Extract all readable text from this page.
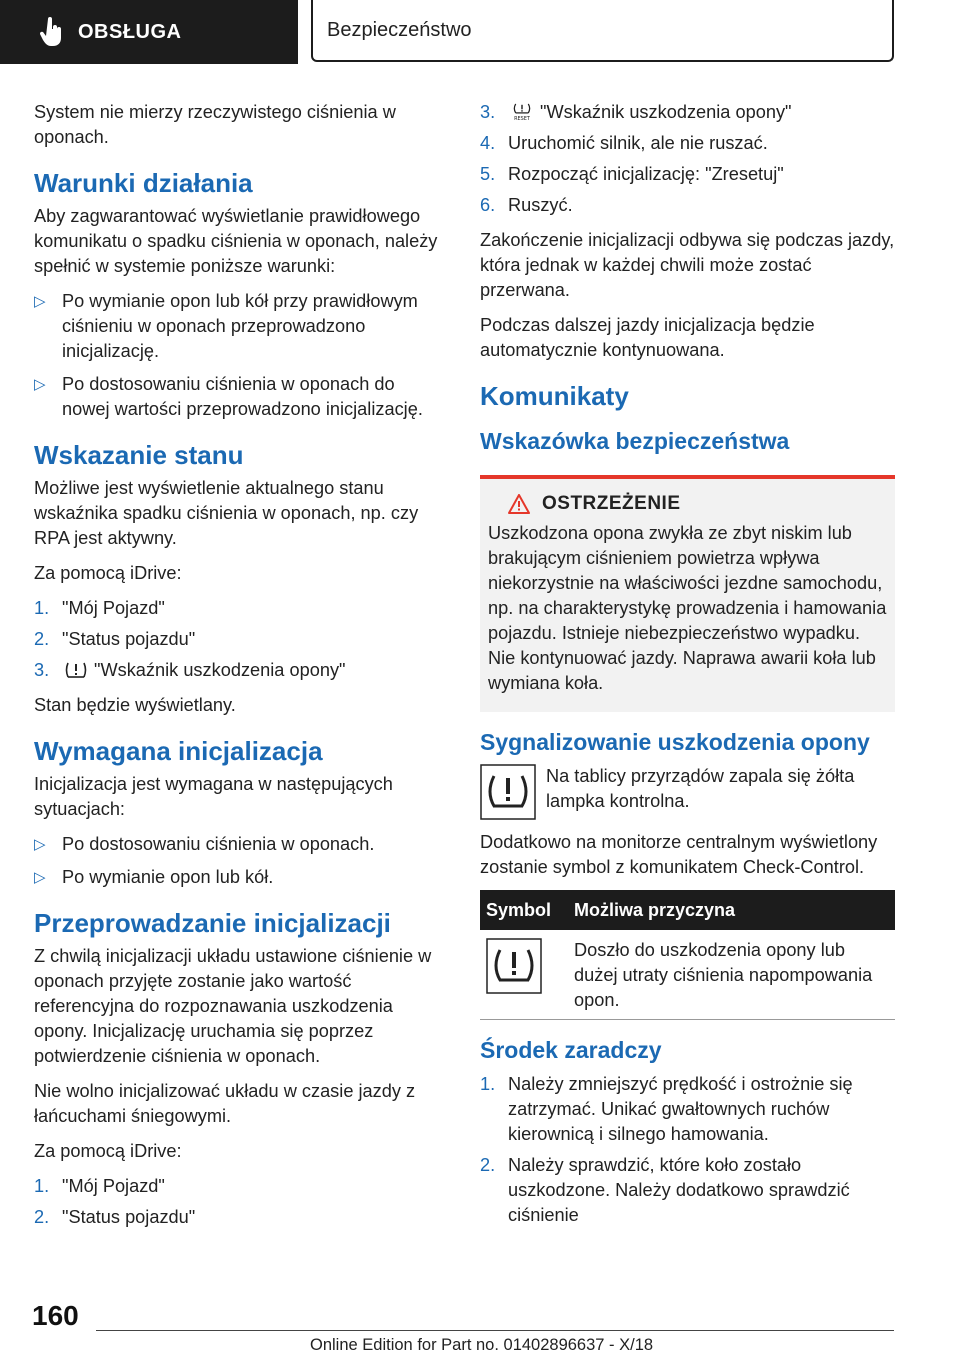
OBSŁUGA	Bezpieczeństwo

System nie mierzy rzeczywistego ciśnienia w oponach.

Warunki działania

Aby zagwarantować wyświetlanie prawidłowego komunikatu o spadku ciśnienia w oponach, należy spełnić w systemie poniższe warunki:

▷ Po wymianie opon lub kół przy prawidłowym ciśnieniu w oponach przeprowadzono inicjalizację.
▷ Po dostosowaniu ciśnienia w oponach do nowej wartości przeprowadzono inicjalizację.
Wskazanie stanu

Możliwe jest wyświetlenie aktualnego stanu wskaźnika spadku ciśnienia w oponach, np. czy RPA jest aktywny.

Za pomocą iDrive:

1. "Mój Pojazd"
2. "Status pojazdu"
3. "Wskaźnik uszkodzenia opony"

Stan będzie wyświetlany.

Wymagana inicjalizacja

Inicjalizacja jest wymagana w następujących sytuacjach:

▷ Po dostosowaniu ciśnienia w oponach.
▷ Po wymianie opon lub kół.
Przeprowadzanie inicjalizacji

Z chwilą inicjalizacji układu ustawione ciśnienie w oponach przyjęte zostanie jako wartość referencyjna do rozpoznawania uszkodzenia opony. Inicjalizację uruchamia się poprzez potwierdzenie ciśnienia w oponach.

Nie wolno inicjalizować układu w czasie jazdy z łańcuchami śniegowymi.

Za pomocą iDrive:

1. "Mój Pojazd"
2. "Status pojazdu"
3.	RESET "Wskaźnik uszkodzenia opony"
4. Uruchomić silnik, ale nie ruszać.
5. Rozpocząć inicjalizację: "Zresetuj"
6. Ruszyć.

Zakończenie inicjalizacji odbywa się podczas jazdy, która jednak w każdej chwili może zostać przerwana.

Podczas dalszej jazdy inicjalizacja będzie automatycznie kontynuowana.

Komunikaty
Wskazówka bezpieczeństwa
OSTRZEŻENIE

Uszkodzona opona zwykła ze zbyt niskim lub brakującym ciśnieniem powietrza wpływa niekorzystnie na właściwości jezdne samochodu, np. na charakterystykę prowadzenia i hamowania pojazdu. Istnieje niebezpieczeństwo wypadku. Nie kontynuować jazdy. Naprawa awarii koła lub wymiana koła.

Sygnalizowanie uszkodzenia opony

Na tablicy przyrządów zapala się żółta lampka kontrolna.

Dodatkowo na monitorze centralnym wyświetlony zostanie symbol z komunikatem Check-Control.

Symbol	Możliwa przyczyna
	Doszło do uszkodzenia opony lub dużej utraty ciśnienia napompowania opon.
Środek zaradczy
1. Należy zmniejszyć prędkość i ostrożnie się zatrzymać. Unikać gwałtownych ruchów kierownicą i silnego hamowania.
2. Należy sprawdzić, które koło zostało uszkodzone. Należy dodatkowo sprawdzić ciśnienie
160
Online Edition for Part no. 01402896637 - X/18
